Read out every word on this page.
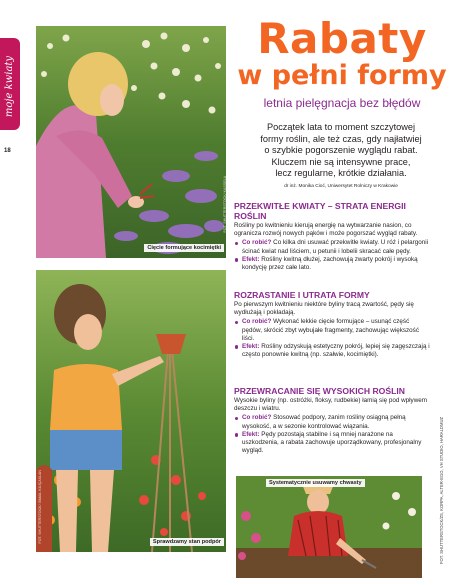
moje kwiaty
18
FOT. SHUTTERSTOCK/ KASSELA
Cięcie formujące kocimiętki
FOT. SHUTTERSTOCK/ ISMAIL KILIÇASLAN	Sprawdzamy stan podpór
Systematycznie usuwamy chwasty
Rabaty
w pełni formy
letnia pielęgnacja bez błędów
Początek lata to moment szczytowej
formy roślin, ale też czas, gdy najłatwiej
o szybkie pogorszenie wyglądu rabat.
Kluczem nie są intensywne prace,
lecz regularne, krótkie działania.
dr inż. Monika Cioć, Uniwersytet Rolniczy w Krakowie
PRZEKWITŁE KWIATY – STRATA ENERGII ROŚLIN
Rośliny po kwitnieniu kierują energię na wytwarzanie nasion, co ogranicza rozwój nowych pąków i może pogorszać wygląd rabaty.
Co robić? Co kilka dni usuwać przekwitłe kwiaty. U róż i pelargonii ścinać kwiat nad liściem, u petunii i lobelii skracać całe pędy.
Efekt: Rośliny kwitną dłużej, zachowują zwarty pokrój i wysoką kondycję przez całe lato.
ROZRASTANIE I UTRATA FORMY
Po pierwszym kwitnieniu niektóre byliny tracą zwartość, pędy się wydłużają i pokładają.
Co robić? Wykonać lekkie cięcie formujące – usunąć część pędów, skrócić zbyt wybujałe fragmenty, zachowując większość liści.
Efekt: Rośliny odzyskują estetyczny pokrój, lepiej się zagęszczają i często ponownie kwitną (np. szałwie, kocimiętki).
PRZEWRACANIE SIĘ WYSOKICH ROŚLIN
Wysokie byliny (np. ostróżki, floksy, rudbekie) łamią się pod wpływem deszczu i wiatru.
Co robić? Stosować podpory, zanim rośliny osiągną pełną wysokość, a w sezonie kontrolować wiązania.
Efekt: Pędy pozostają stabilne i są mniej narażone na uszkodzenia, a rabata zachowuje uporządkowany, profesjonalny wygląd.	FOT. SHUTTERSTOCK/ZS, KORPA, ALTER-EGO, VH STUDIO, HARALDMUZ
